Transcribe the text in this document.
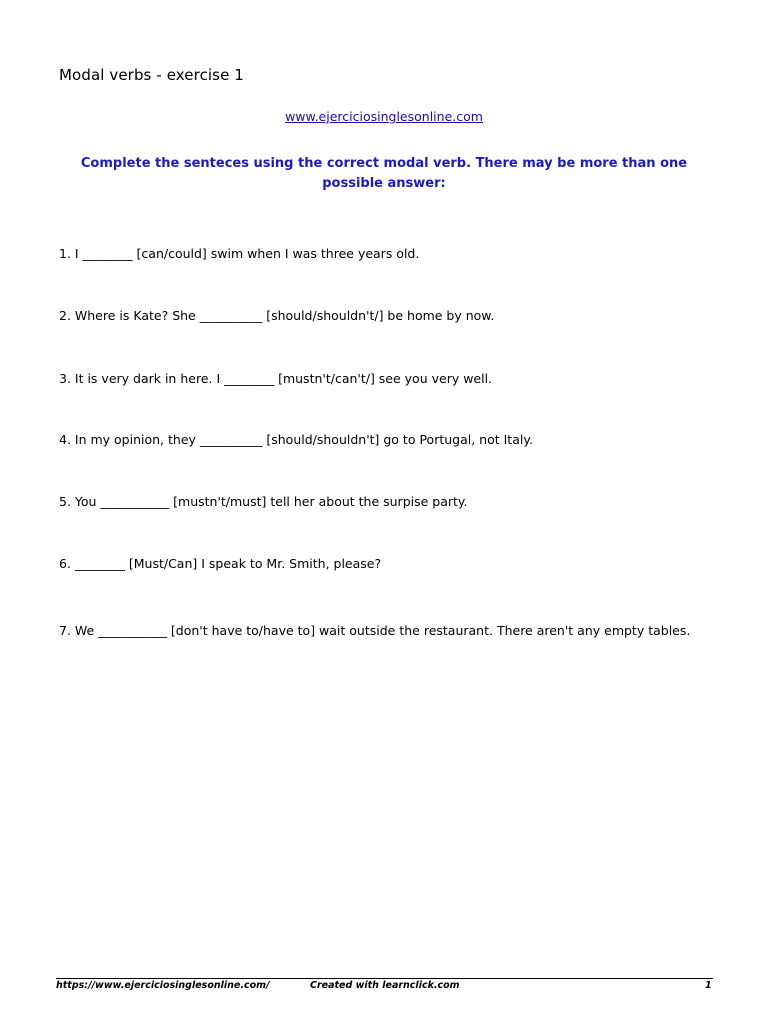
Modal verbs - exercise 1
www.ejerciciosinglesonline.com
Complete the senteces using the correct modal verb. There may be more than one possible answer:

1. I ________ [can/could] swim when I was three years old.

2. Where is Kate? She __________ [should/shouldn't/] be home by now.

3. It is very dark in here. I ________ [mustn't/can't/] see you very well.

4. In my opinion, they __________ [should/shouldn't] go to Portugal, not Italy.

5. You ___________ [mustn't/must] tell her about the surpise party.

6. ________ [Must/Can] I speak to Mr. Smith, please?

7. We ___________ [don't have to/have to] wait outside the restaurant. There aren't any empty tables.

https://www.ejerciciosinglesonline.com/	Created with learnclick.com	1
